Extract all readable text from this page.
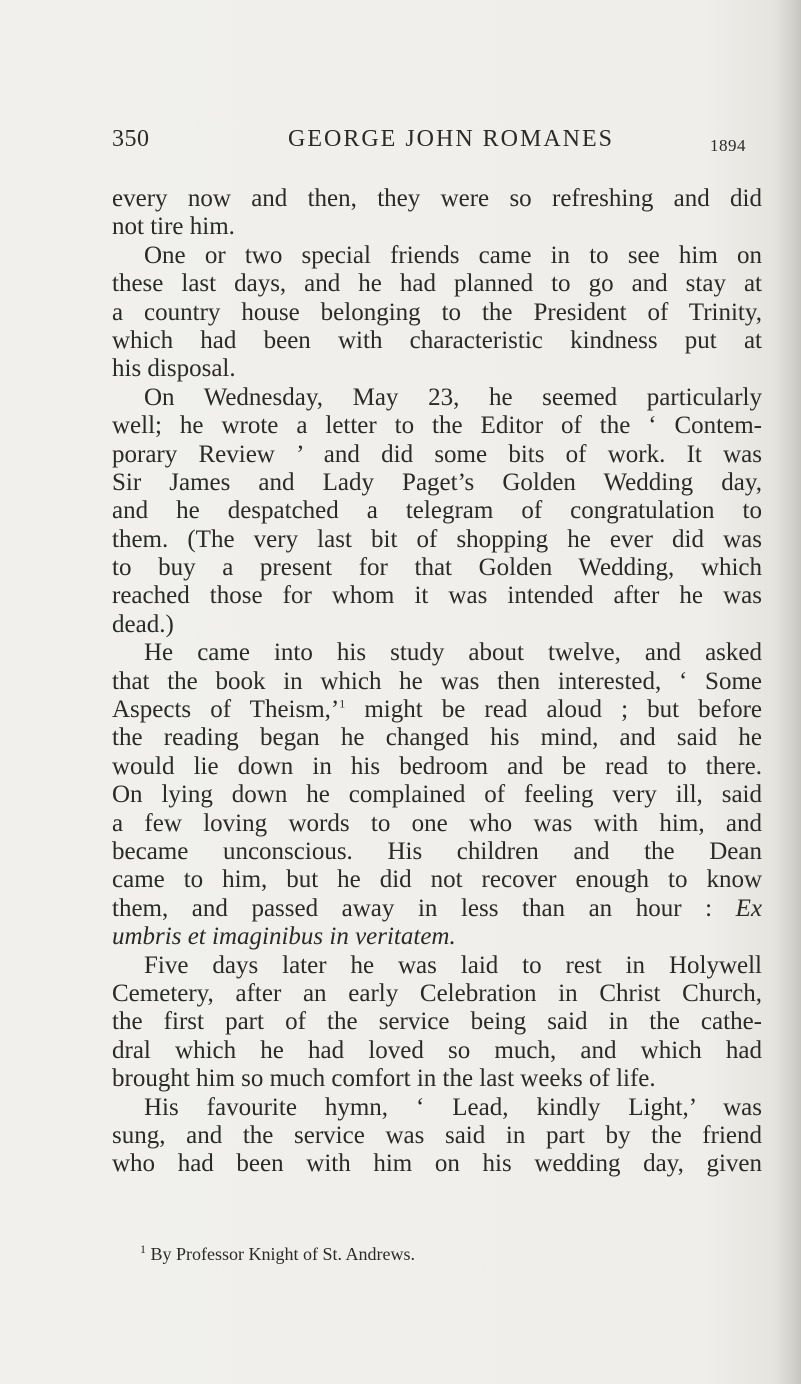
350	GEORGE JOHN ROMANES	1894
every now and then, they were so refreshing and did
not tire him.
One or two special friends came in to see him on
these last days, and he had planned to go and stay at
a country house belonging to the President of Trinity,
which had been with characteristic kindness put at
his disposal.
On Wednesday, May 23, he seemed particularly
well; he wrote a letter to the Editor of the ‘ Contem-
porary Review ’ and did some bits of work. It was
Sir James and Lady Paget’s Golden Wedding day,
and he despatched a telegram of congratulation to
them. (The very last bit of shopping he ever did was
to buy a present for that Golden Wedding, which
reached those for whom it was intended after he was
dead.)
He came into his study about twelve, and asked
that the book in which he was then interested, ‘ Some
Aspects of Theism,’$^1$ might be read aloud ; but before
the reading began he changed his mind, and said he
would lie down in his bedroom and be read to there.
On lying down he complained of feeling very ill, said
a few loving words to one who was with him, and
became unconscious. His children and the Dean
came to him, but he did not recover enough to know
them, and passed away in less than an hour : Ex
umbris et imaginibus in veritatem.
Five days later he was laid to rest in Holywell
Cemetery, after an early Celebration in Christ Church,
the first part of the service being said in the cathe-
dral which he had loved so much, and which had
brought him so much comfort in the last weeks of life.
His favourite hymn, ‘ Lead, kindly Light,’ was
sung, and the service was said in part by the friend
who had been with him on his wedding day, given
$^1$ By Professor Knight of St. Andrews.
